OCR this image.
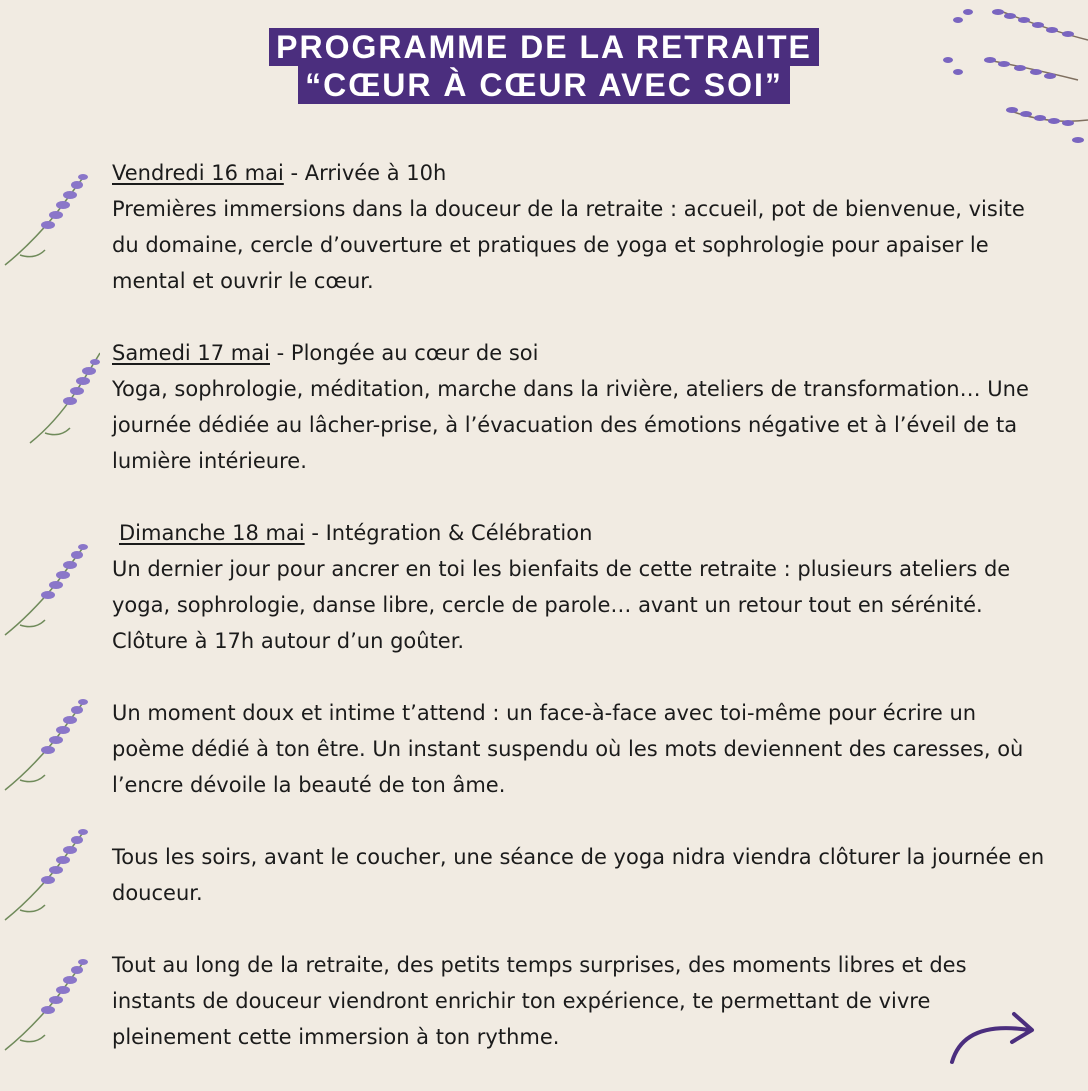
PROGRAMME DE LA RETRAITE
“CŒUR À CŒUR AVEC SOI”

Vendredi 16 mai - Arrivée à 10h

Premières immersions dans la douceur de la retraite : accueil, pot de bienvenue, visite du domaine, cercle d’ouverture et pratiques de yoga et sophrologie pour apaiser le mental et ouvrir le cœur.

Samedi 17 mai - Plongée au cœur de soi

Yoga, sophrologie, méditation, marche dans la rivière, ateliers de transformation… Une journée dédiée au lâcher-prise, à l’évacuation des émotions négative et à l’éveil de ta lumière intérieure.

Dimanche 18 mai - Intégration & Célébration

Un dernier jour pour ancrer en toi les bienfaits de cette retraite : plusieurs ateliers de yoga, sophrologie, danse libre, cercle de parole… avant un retour tout en sérénité. Clôture à 17h autour d’un goûter.

Un moment doux et intime t’attend : un face-à-face avec toi-même pour écrire un poème dédié à ton être. Un instant suspendu où les mots deviennent des caresses, où l’encre dévoile la beauté de ton âme.

Tous les soirs, avant le coucher, une séance de yoga nidra viendra clôturer la journée en douceur.

Tout au long de la retraite, des petits temps surprises, des moments libres et des instants de douceur viendront enrichir ton expérience, te permettant de vivre pleinement cette immersion à ton rythme.
